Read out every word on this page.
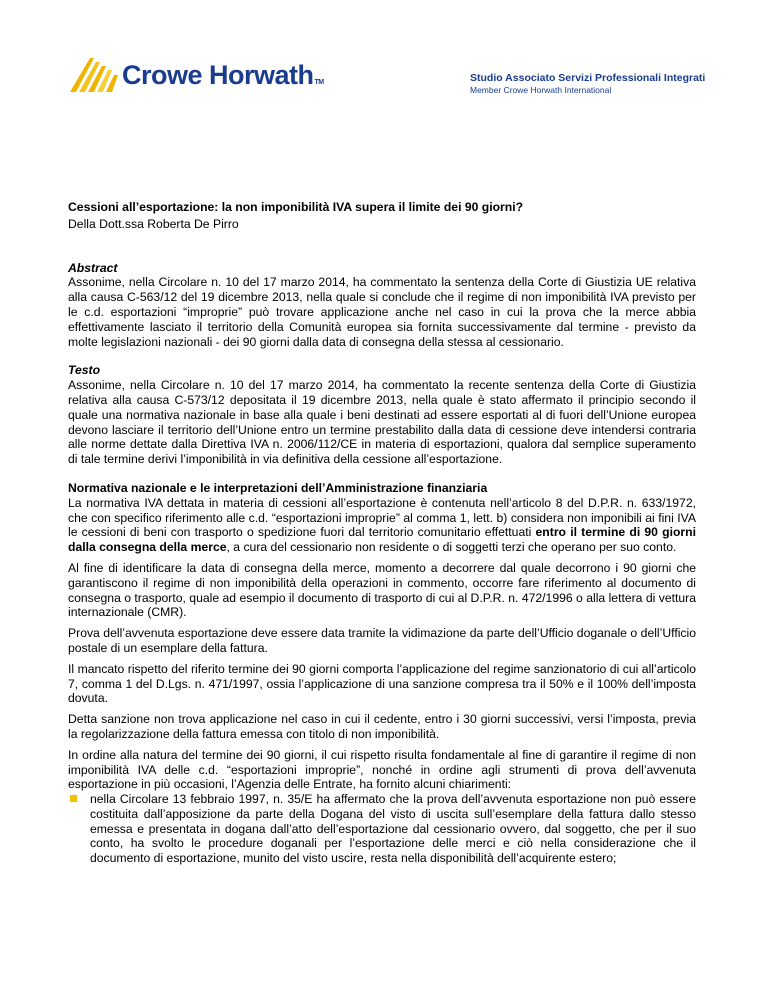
Crowe HorwathTM	Studio Associato Servizi Professionali Integrati
Member Crowe Horwath International

Cessioni all’esportazione: la non imponibilità IVA supera il limite dei 90 giorni?

Della Dott.ssa Roberta De Pirro

Abstract

Assonime, nella Circolare n. 10 del 17 marzo 2014, ha commentato la sentenza della Corte di Giustizia UE relativa alla causa C-563/12 del 19 dicembre 2013, nella quale si conclude che il regime di non imponibilità IVA previsto per le c.d. esportazioni “improprie” può trovare applicazione anche nel caso in cui la prova che la merce abbia effettivamente lasciato il territorio della Comunità europea sia fornita successivamente dal termine - previsto da molte legislazioni nazionali - dei 90 giorni dalla data di consegna della stessa al cessionario.

Testo

Assonime, nella Circolare n. 10 del 17 marzo 2014, ha commentato la recente sentenza della Corte di Giustizia relativa alla causa C-573/12 depositata il 19 dicembre 2013, nella quale è stato affermato il principio secondo il quale una normativa nazionale in base alla quale i beni destinati ad essere esportati al di fuori dell’Unione europea devono lasciare il territorio dell’Unione entro un termine prestabilito dalla data di cessione deve intendersi contraria alle norme dettate dalla Direttiva IVA n. 2006/112/CE in materia di esportazioni, qualora dal semplice superamento di tale termine derivi l’imponibilità in via definitiva della cessione all’esportazione.

Normativa nazionale e le interpretazioni dell’Amministrazione finanziaria

La normativa IVA dettata in materia di cessioni all’esportazione è contenuta nell’articolo 8 del D.P.R. n. 633/1972, che con specifico riferimento alle c.d. “esportazioni improprie” al comma 1, lett. b) considera non imponibili ai fini IVA le cessioni di beni con trasporto o spedizione fuori dal territorio comunitario effettuati entro il termine di 90 giorni dalla consegna della merce, a cura del cessionario non residente o di soggetti terzi che operano per suo conto.

Al fine di identificare la data di consegna della merce, momento a decorrere dal quale decorrono i 90 giorni che garantiscono il regime di non imponibilità della operazioni in commento, occorre fare riferimento al documento di consegna o trasporto, quale ad esempio il documento di trasporto di cui al D.P.R. n. 472/1996 o alla lettera di vettura internazionale (CMR).

Prova dell’avvenuta esportazione deve essere data tramite la vidimazione da parte dell’Ufficio doganale o dell’Ufficio postale di un esemplare della fattura.

Il mancato rispetto del riferito termine dei 90 giorni comporta l’applicazione del regime sanzionatorio di cui all’articolo 7, comma 1 del D.Lgs. n. 471/1997, ossia l’applicazione di una sanzione compresa tra il 50% e il 100% dell’imposta dovuta.

Detta sanzione non trova applicazione nel caso in cui il cedente, entro i 30 giorni successivi, versi l’imposta, previa la regolarizzazione della fattura emessa con titolo di non imponibilità.

In ordine alla natura del termine dei 90 giorni, il cui rispetto risulta fondamentale al fine di garantire il regime di non imponibilità IVA delle c.d. “esportazioni improprie”, nonché in ordine agli strumenti di prova dell’avvenuta esportazione in più occasioni, l’Agenzia delle Entrate, ha fornito alcuni chiarimenti:

nella Circolare 13 febbraio 1997, n. 35/E ha affermato che la prova dell’avvenuta esportazione non può essere costituita dall’apposizione da parte della Dogana del visto di uscita sull’esemplare della fattura dallo stesso emessa e presentata in dogana dall’atto dell’esportazione dal cessionario ovvero, dal soggetto, che per il suo conto, ha svolto le procedure doganali per l’esportazione delle merci e ciò nella considerazione che il documento di esportazione, munito del visto uscire, resta nella disponibilità dell’acquirente estero;
